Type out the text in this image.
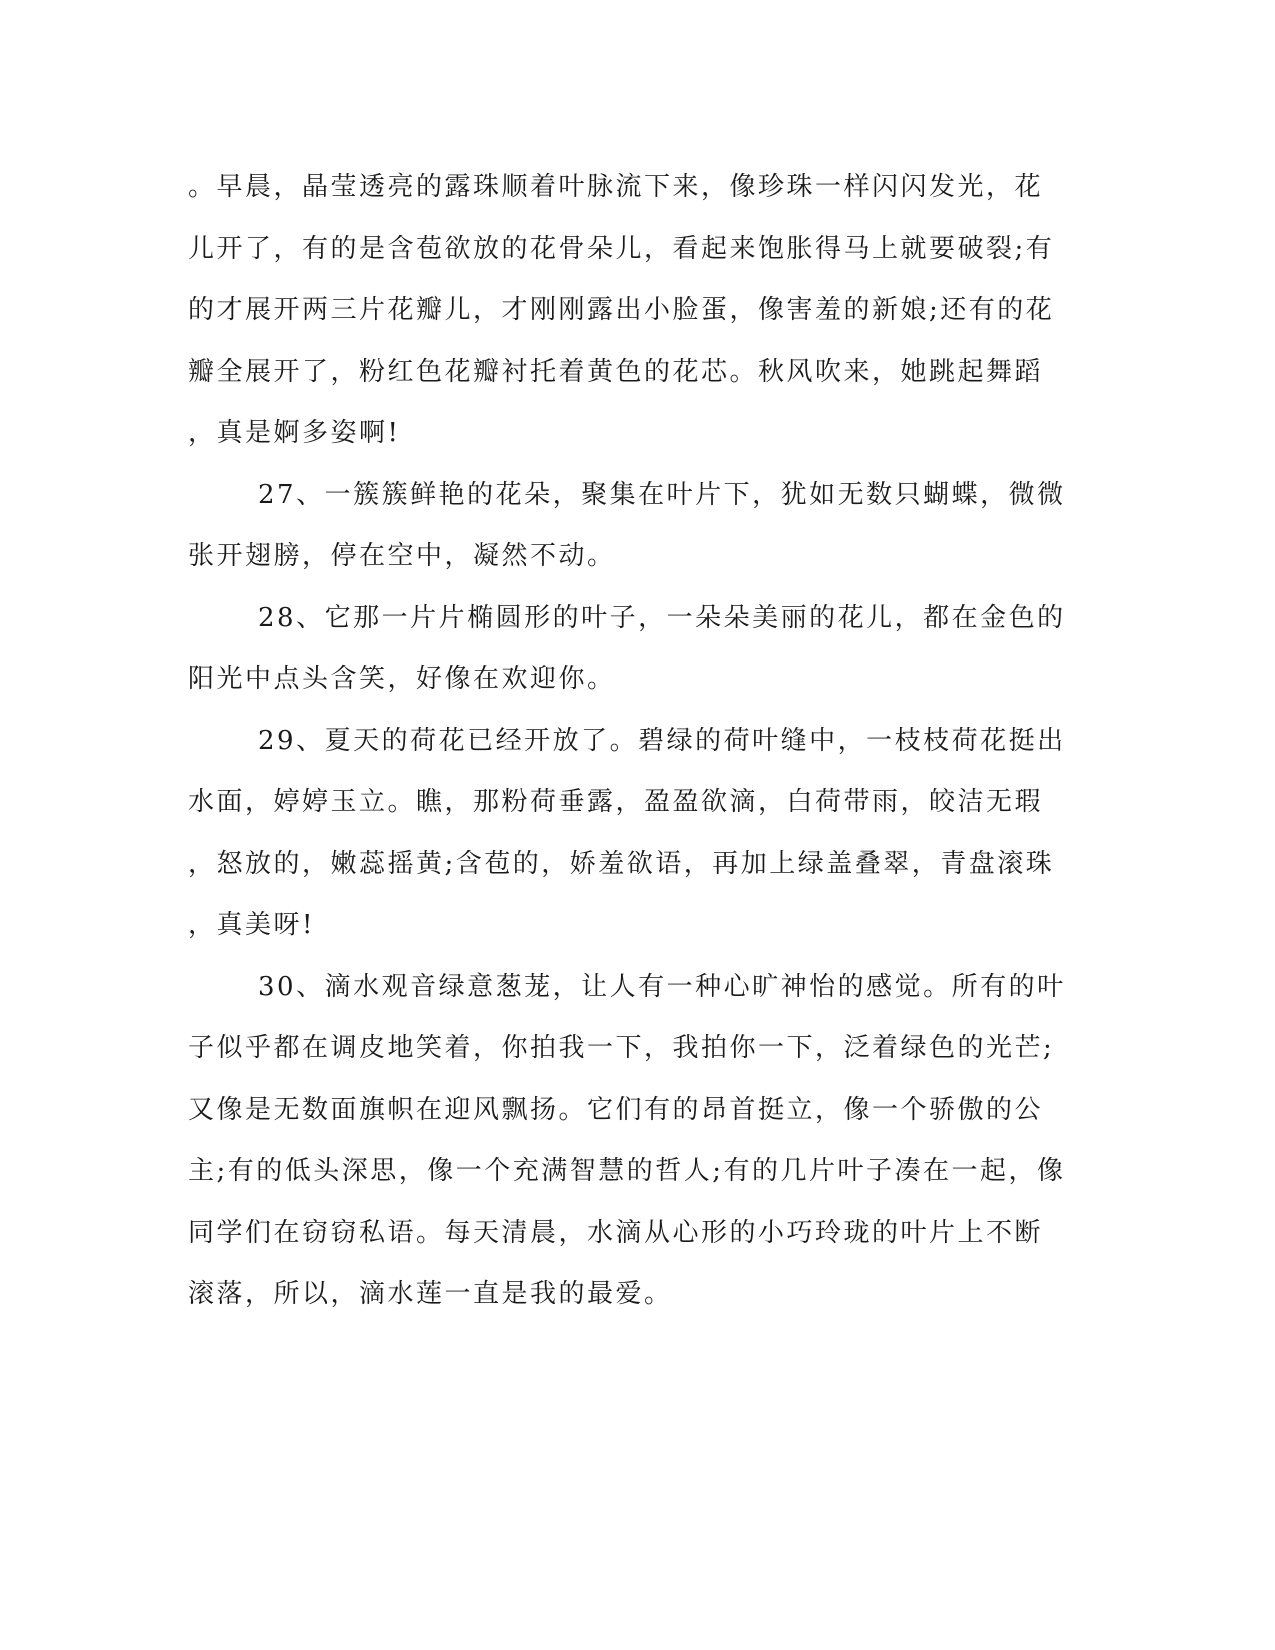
。早晨，晶莹透亮的露珠顺着叶脉流下来，像珍珠一样闪闪发光，花
儿开了，有的是含苞欲放的花骨朵儿，看起来饱胀得马上就要破裂;有
的才展开两三片花瓣儿，才刚刚露出小脸蛋，像害羞的新娘;还有的花
瓣全展开了，粉红色花瓣衬托着黄色的花芯。秋风吹来，她跳起舞蹈
，真是婀多姿啊!
27、一簇簇鲜艳的花朵，聚集在叶片下，犹如无数只蝴蝶，微微
张开翅膀，停在空中，凝然不动。
28、它那一片片椭圆形的叶子，一朵朵美丽的花儿，都在金色的
阳光中点头含笑，好像在欢迎你。
29、夏天的荷花已经开放了。碧绿的荷叶缝中，一枝枝荷花挺出
水面，婷婷玉立。瞧，那粉荷垂露，盈盈欲滴，白荷带雨，皎洁无瑕
，怒放的，嫩蕊摇黄;含苞的，娇羞欲语，再加上绿盖叠翠，青盘滚珠
，真美呀!
30、滴水观音绿意葱茏，让人有一种心旷神怡的感觉。所有的叶
子似乎都在调皮地笑着，你拍我一下，我拍你一下，泛着绿色的光芒;
又像是无数面旗帜在迎风飘扬。它们有的昂首挺立，像一个骄傲的公
主;有的低头深思，像一个充满智慧的哲人;有的几片叶子凑在一起，像
同学们在窃窃私语。每天清晨，水滴从心形的小巧玲珑的叶片上不断
滚落，所以，滴水莲一直是我的最爱。
